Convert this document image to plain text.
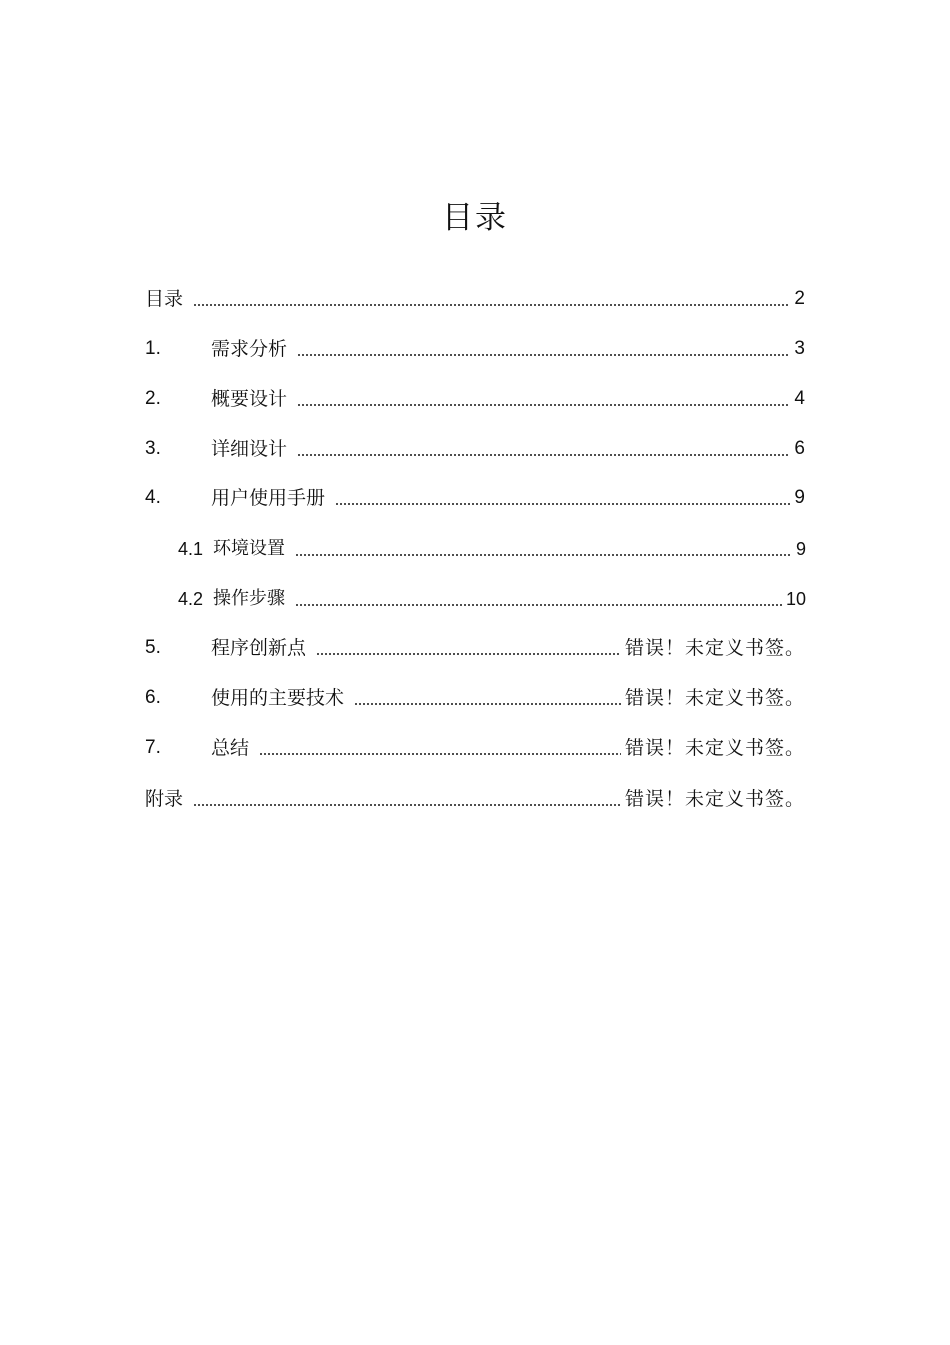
目录
目录	2
1.	需求分析	3
2.	概要设计	4
3.	详细设计	6
4.	用户使用手册	9
4.1 环境设置	9
4.2 操作步骤	10
5.	程序创新点	错误！未定义书签。
6.	使用的主要技术	错误！未定义书签。
7.	总结	错误！未定义书签。
附录	错误！未定义书签。
